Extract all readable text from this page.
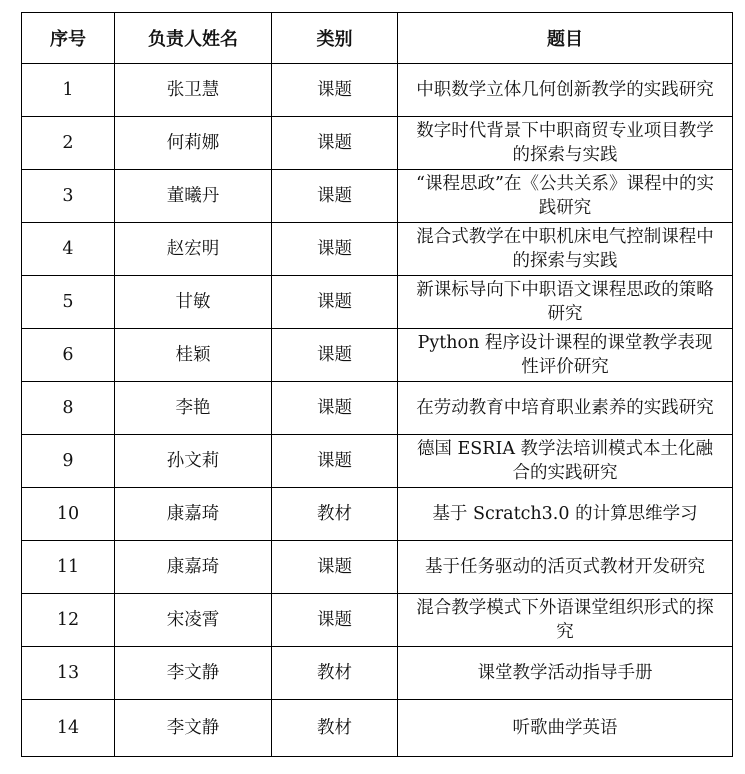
序号	负责人姓名	类别	题目
1	张卫慧	课题	中职数学立体几何创新教学的实践研究
2	何莉娜	课题	数字时代背景下中职商贸专业项目教学的探索与实践
3	董曦丹	课题	“课程思政”在《公共关系》课程中的实践研究
4	赵宏明	课题	混合式教学在中职机床电气控制课程中的探索与实践
5	甘敏	课题	新课标导向下中职语文课程思政的策略研究
6	桂颖	课题	Python 程序设计课程的课堂教学表现性评价研究
8	李艳	课题	在劳动教育中培育职业素养的实践研究
9	孙文莉	课题	德国 ESRIA 教学法培训模式本土化融合的实践研究
10	康嘉琦	教材	基于 Scratch3.0 的计算思维学习
11	康嘉琦	课题	基于任务驱动的活页式教材开发研究
12	宋凌霄	课题	混合教学模式下外语课堂组织形式的探究
13	李文静	教材	课堂教学活动指导手册
14	李文静	教材	听歌曲学英语
